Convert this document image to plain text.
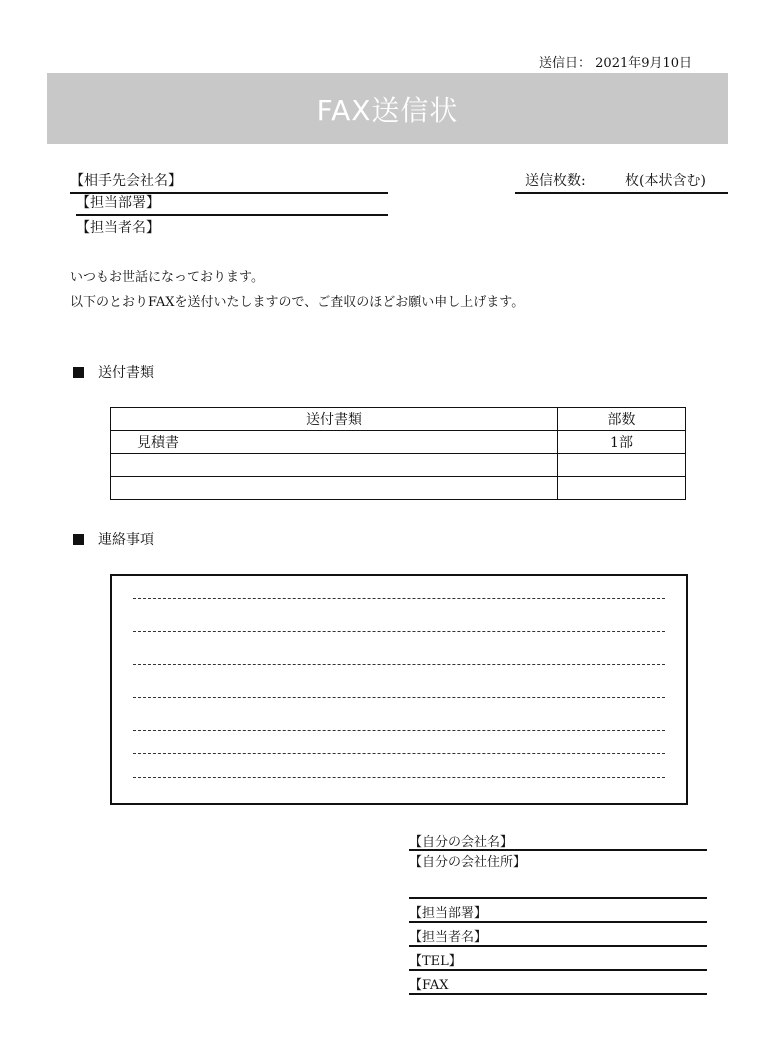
送信日： 2021年9月10日
FAX送信状
【相手先会社名】
【担当部署】
【担当者名】
送信枚数:	枚(本状含む)
いつもお世話になっております。
以下のとおりFAXを送付いたしますので、ご査収のほどお願い申し上げます。
送付書類
送付書類	部数
見積書	1部

連絡事項
【自分の会社名】
【自分の会社住所】
【担当部署】
【担当者名】
【TEL】
【FAX
